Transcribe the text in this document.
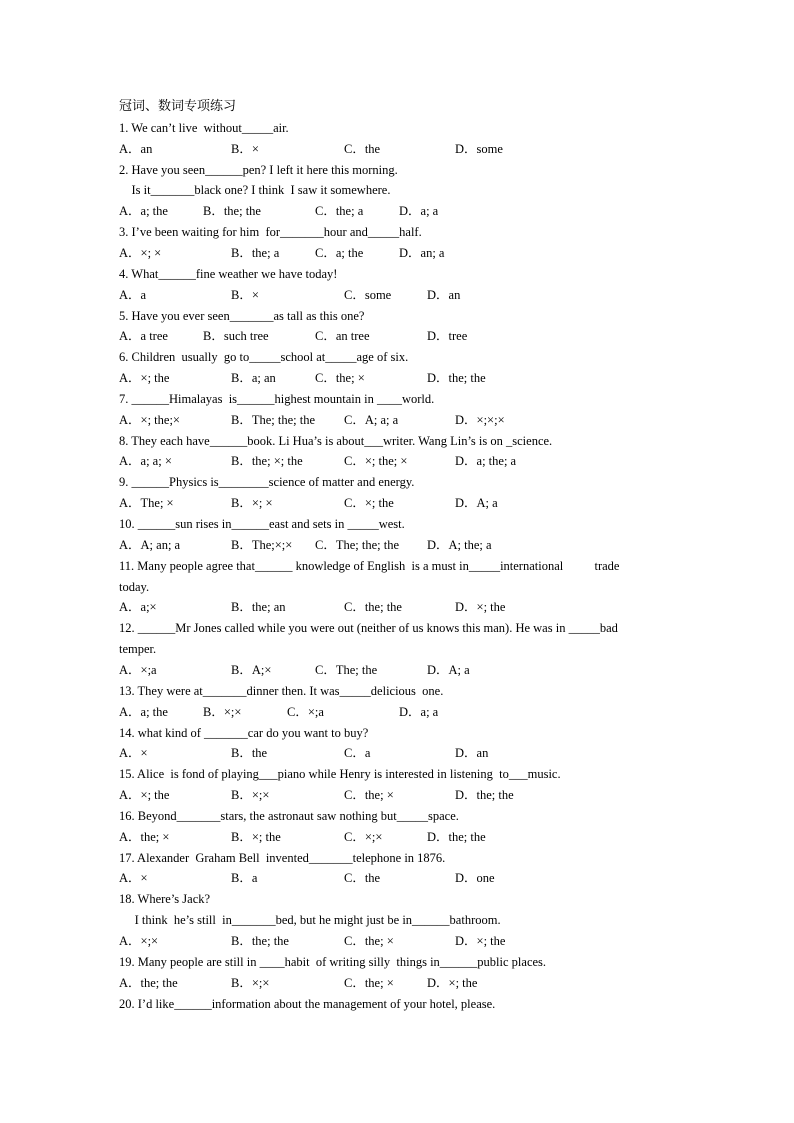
冠词、数词专项练习
1. We can’t live  without_____air.
A．an	B．×	C．the	D．some
2. Have you seen______pen? I left it here this morning.
Is it_______black one? I think  I saw it somewhere.
A．a; the	B．the; the	C．the; a	D．a; a
3. I’ve been waiting for him  for_______hour and_____half.
A．×; ×	B．the; a	C．a; the	D．an; a
4. What______fine weather we have today!
A．a	B．×	C．some	D．an
5. Have you ever seen_______as tall as this one?
A．a tree	B．such tree	C．an tree	D．tree
6. Children  usually  go to_____school at_____age of six.
A．×; the	B．a; an	C．the; ×	D．the; the
7. ______Himalayas  is______highest mountain in ____world.
A．×; the;×	B．The; the; the C．A; a; a	D．×;×;×
8. They each have______book. Li Hua’s is about___writer. Wang Lin’s is on _science.
A．a; a; ×	B．the; ×; the	C．×; the; ×	D．a; the; a
9. ______Physics is________science of matter and energy.
A．The; ×	B．×; ×	C．×; the	D．A; a
10. ______sun rises in______east and sets in _____west.
A．A; an; a	B．The;×;× C．The; the; the D．A; the; a
11. Many people agree that______ knowledge of English  is a must in_____international          trade
today.
A．a;×	B．the; an	C．the; the	D．×; the
12. ______Mr Jones called while you were out (neither of us knows this man). He was in _____bad
temper.
A．×;a	B．A;×	C．The; the	D．A; a
13. They were at_______dinner then. It was_____delicious  one.
A．a; the	B．×;×	C．×;a	D．a; a
14. what kind of _______car do you want to buy?
A．×	B．the	C．a	D．an
15. Alice  is fond of playing___piano while Henry is interested in listening  to___music.
A．×; the	B．×;×	C．the; ×	D．the; the
16. Beyond_______stars, the astronaut saw nothing but_____space.
A．the; ×	B．×; the	C．×;×	D．the; the
17. Alexander  Graham Bell  invented_______telephone in 1876.
A．×	B．a	C．the	D．one
18. Where’s Jack?
I think  he’s still  in_______bed, but he might just be in______bathroom.
A．×;×	B．the; the	C．the; ×	D．×; the
19. Many people are still in ____habit  of writing silly  things in______public places.
A．the; the	B．×;×	C．the; ×	D．×; the
20. I’d like______information about the management of your hotel, please.
